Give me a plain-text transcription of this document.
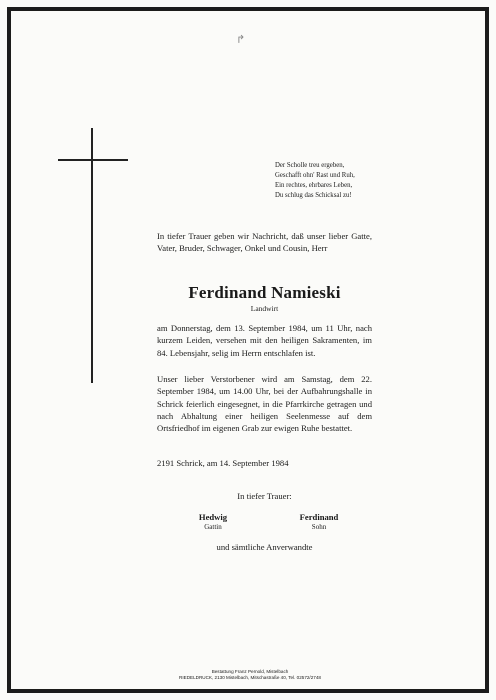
↱
Der Scholle treu ergeben,
Geschafft ohn' Rast und Ruh,
Ein rechtes, ehrbares Leben,
Du schlug das Schicksal zu!
In tiefer Trauer geben wir Nachricht, daß unser lieber Gatte, Vater, Bruder, Schwager, Onkel und Cousin, Herr
Ferdinand Namieski
Landwirt
am Donnerstag, dem 13. September 1984, um 11 Uhr, nach kurzem Leiden, versehen mit den heiligen Sakramenten, im 84. Lebensjahr, selig im Herrn entschlafen ist.
Unser lieber Verstorbener wird am Samstag, dem 22. September 1984, um 14.00 Uhr, bei der Aufbahrungshalle in Schrick feierlich eingesegnet, in die Pfarrkirche getragen und nach Abhaltung einer heiligen Seelenmesse auf dem Ortsfriedhof im eigenen Grab zur ewigen Ruhe bestattet.
2191 Schrick, am 14. September 1984
In tiefer Trauer:
Hedwig
Gattin
Ferdinand
Sohn
und sämtliche Anverwandte
Bestattung Franz Pernold, Mistelbach
RIEDELDRUCK, 2130 Mistelbach, Mitschastraße 40, Tel. 02572/2748
